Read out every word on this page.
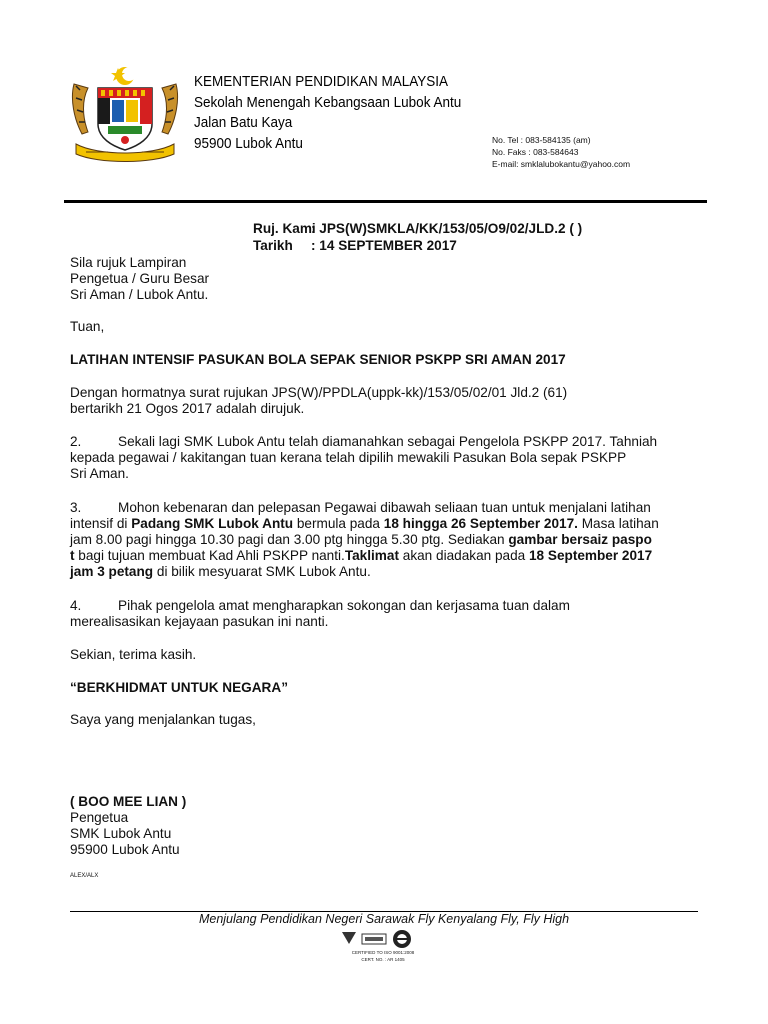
KEMENTERIAN PENDIDIKAN MALAYSIA
Sekolah Menengah Kebangsaan Lubok Antu
Jalan Batu Kaya
95900 Lubok Antu	No. Tel : 083-584135 (am)
No. Faks : 083-584643
E-mail: smklalubokantu@yahoo.com
Ruj. Kami: JPS(W)SMKLA/KK/153/05/O9/02/JLD.2 ( )
Tarikh : 14 SEPTEMBER 2017

Sila rujuk Lampiran

Pengetua / Guru Besar

Sri Aman / Lubok Antu.

Tuan,
LATIHAN INTENSIF PASUKAN BOLA SEPAK SENIOR PSKPP SRI AMAN 2017

Dengan hormatnya surat rujukan JPS(W)/PPDLA(uppk-kk)/153/05/02/01 Jld.2 (61)

bertarikh 21 Ogos 2017 adalah dirujuk.

2.	Sekali lagi SMK Lubok Antu telah diamanahkan sebagai Pengelola PSKPP 2017. Tahniah

kepada pegawai / kakitangan tuan kerana telah dipilih mewakili Pasukan Bola sepak PSKPP

Sri Aman.

3.	Mohon kebenaran dan pelepasan Pegawai dibawah seliaan tuan untuk menjalani latihan

intensif di Padang SMK Lubok Antu bermula pada 18 hingga 26 September 2017. Masa latihan

jam 8.00 pagi hingga 10.30 pagi dan 3.00 ptg hingga 5.30 ptg. Sediakan gambar bersaiz paspo

t bagi tujuan membuat Kad Ahli PSKPP nanti.Taklimat akan diadakan pada 18 September 2017

jam 3 petang di bilik mesyuarat SMK Lubok Antu.

4.	Pihak pengelola amat mengharapkan sokongan dan kerjasama tuan dalam

merealisasikan kejayaan pasukan ini nanti.

Sekian, terima kasih.
“BERKHIDMAT UNTUK NEGARA”
Saya yang menjalankan tugas,

( BOO MEE LIAN )

Pengetua

SMK Lubok Antu

95900 Lubok Antu

ALEX/ALX
Menjulang Pendidikan Negeri Sarawak Fly Kenyalang Fly, Fly High
CERTIFIED TO ISO 9001:2008
CERT. NO. : AR 1405
